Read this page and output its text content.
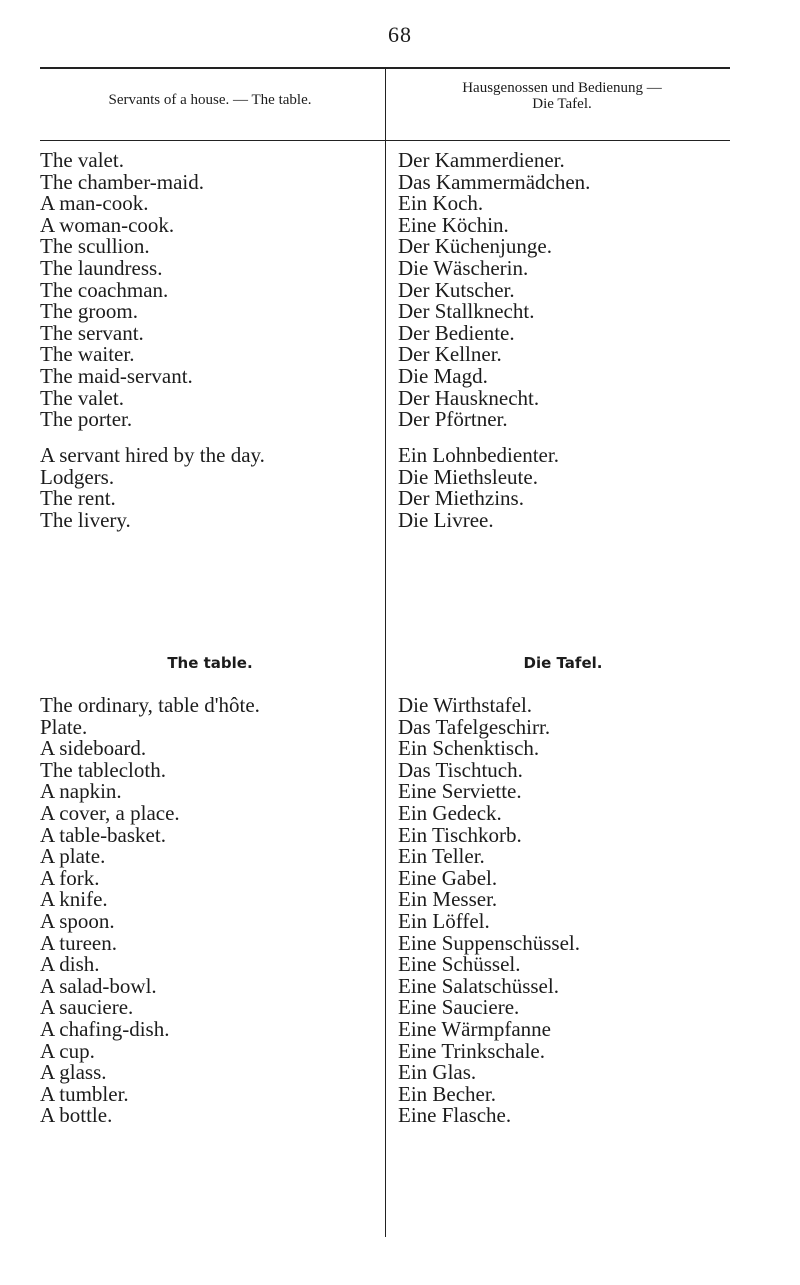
68
Servants of a house. — The table.
Hausgenossen und Bedienung —
Die Tafel.
The valet.
The chamber-maid.
A man-cook.
A woman-cook.
The scullion.
The laundress.
The coachman.
The groom.
The servant.
The waiter.
The maid-servant.
The valet.
The porter.
Der Kammerdiener.
Das Kammermädchen.
Ein Koch.
Eine Köchin.
Der Küchenjunge.
Die Wäscherin.
Der Kutscher.
Der Stallknecht.
Der Bediente.
Der Kellner.
Die Magd.
Der Hausknecht.
Der Pförtner.
A servant hired by the day.
Lodgers.
The rent.
The livery.
Ein Lohnbedienter.
Die Miethsleute.
Der Miethzins.
Die Livree.
The table.	Die Tafel.
The ordinary, table d'hôte.
Plate.
A sideboard.
The tablecloth.
A napkin.
A cover, a place.
A table-basket.
A plate.
A fork.
A knife.
A spoon.
A tureen.
A dish.
A salad-bowl.
A sauciere.
A chafing-dish.
A cup.
A glass.
A tumbler.
A bottle.
Die Wirthstafel.
Das Tafelgeschirr.
Ein Schenktisch.
Das Tischtuch.
Eine Serviette.
Ein Gedeck.
Ein Tischkorb.
Ein Teller.
Eine Gabel.
Ein Messer.
Ein Löffel.
Eine Suppenschüssel.
Eine Schüssel.
Eine Salatschüssel.
Eine Sauciere.
Eine Wärmpfanne
Eine Trinkschale.
Ein Glas.
Ein Becher.
Eine Flasche.
